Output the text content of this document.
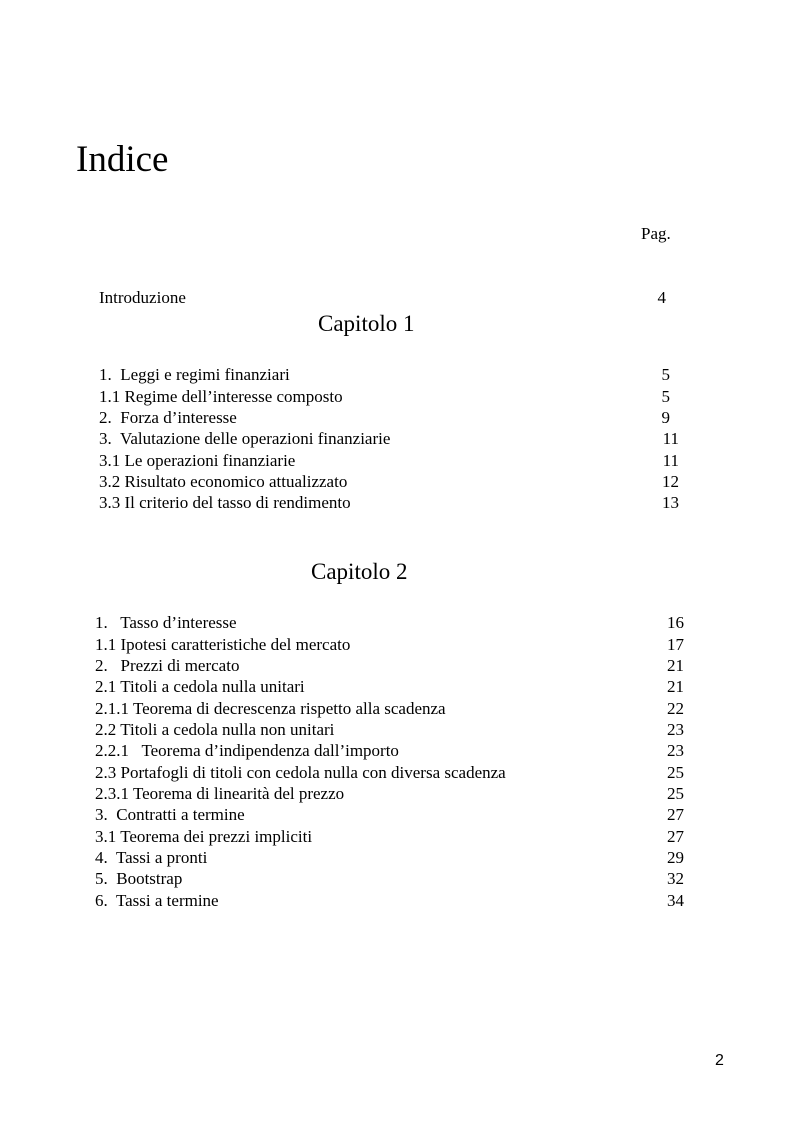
Indice
Pag.
Introduzione	4
Capitolo 1
1.  Leggi e regimi finanziari	5
1.1 Regime dell’interesse composto	5
2.  Forza d’interesse	9
3.  Valutazione delle operazioni finanziarie	11
3.1 Le operazioni finanziarie	11
3.2 Risultato economico attualizzato	12
3.3 Il criterio del tasso di rendimento	13
Capitolo 2
1.   Tasso d’interesse	16
1.1 Ipotesi caratteristiche del mercato	17
2.   Prezzi di mercato	21
2.1 Titoli a cedola nulla unitari	21
2.1.1 Teorema di decrescenza rispetto alla scadenza	22
2.2 Titoli a cedola nulla non unitari	23
2.2.1   Teorema d’indipendenza dall’importo	23
2.3 Portafogli di titoli con cedola nulla con diversa scadenza	25
2.3.1 Teorema di linearità del prezzo	25
3.  Contratti a termine	27
3.1 Teorema dei prezzi impliciti	27
4.  Tassi a pronti	29
5.  Bootstrap	32
6.  Tassi a termine	34
2
